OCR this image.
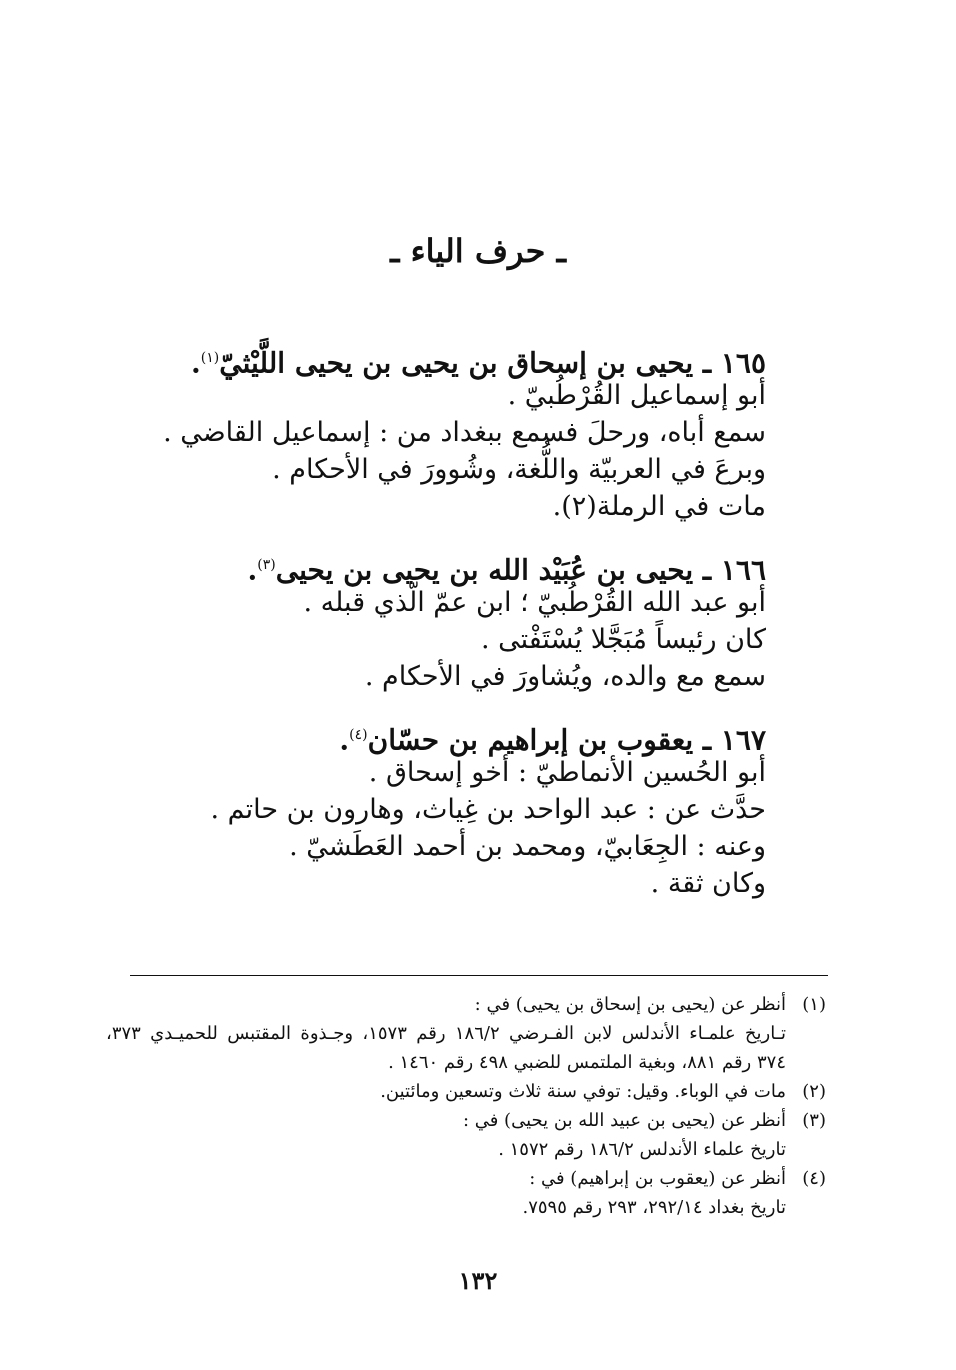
ـ حرف الياء ـ
١٦٥ ـ يحيى بن إسحاق بن يحيى بن يحيى اللَّيْثيّ$^{(١)}$.
أبو إسماعيل القُرْطُبيّ .
سمع أباه، ورحلَ فسمع ببغداد من : إسماعيل القاضي .
وبرعَ في العربيّة واللُّغة، وشُوورَ في الأحكام .
مات في الرملة(٢).
١٦٦ ـ يحيى بن عُبَيْد الله بن يحيى بن يحيى$^{(٣)}$.
أبو عبد الله القُرْطُبيّ ؛ ابن عمّ الّذي قبله .
كان رئيساً مُبَجَّلا يُسْتَفْتى .
سمع مع والده، ويُشاورَ في الأحكام .
١٦٧ ـ يعقوب بن إبراهيم بن حسّان$^{(٤)}$.
أبو الحُسين الأنماطيّ : أخو إسحاق .
حدَّث عن : عبد الواحد بن غِياث، وهارون بن حاتم .
وعنه : الجِعَابيّ، ومحمد بن أحمد العَطَشيّ .
وكان ثقة .
(١)
أنظر عن (يحيى بن إسحاق بن يحيى) في :
تـاريخ علمـاء الأندلس لابن الفـرضي ١٨٦/٢ رقم ١٥٧٣، وجـذوة المقتبس للحميـدي ٣٧٣،
٣٧٤ رقم ٨٨١، وبغية الملتمس للضبي ٤٩٨ رقم ١٤٦٠ .
(٢)
مات في الوباء. وقيل: توفي سنة ثلاث وتسعين ومائتين.
(٣)
أنظر عن (يحيى بن عبيد الله بن يحيى) في :
تاريخ علماء الأندلس ١٨٦/٢ رقم ١٥٧٢ .
(٤)
أنظر عن (يعقوب بن إبراهيم) في :
تاريخ بغداد ٢٩٢/١٤، ٢٩٣ رقم ٧٥٩٥.
١٣٢
